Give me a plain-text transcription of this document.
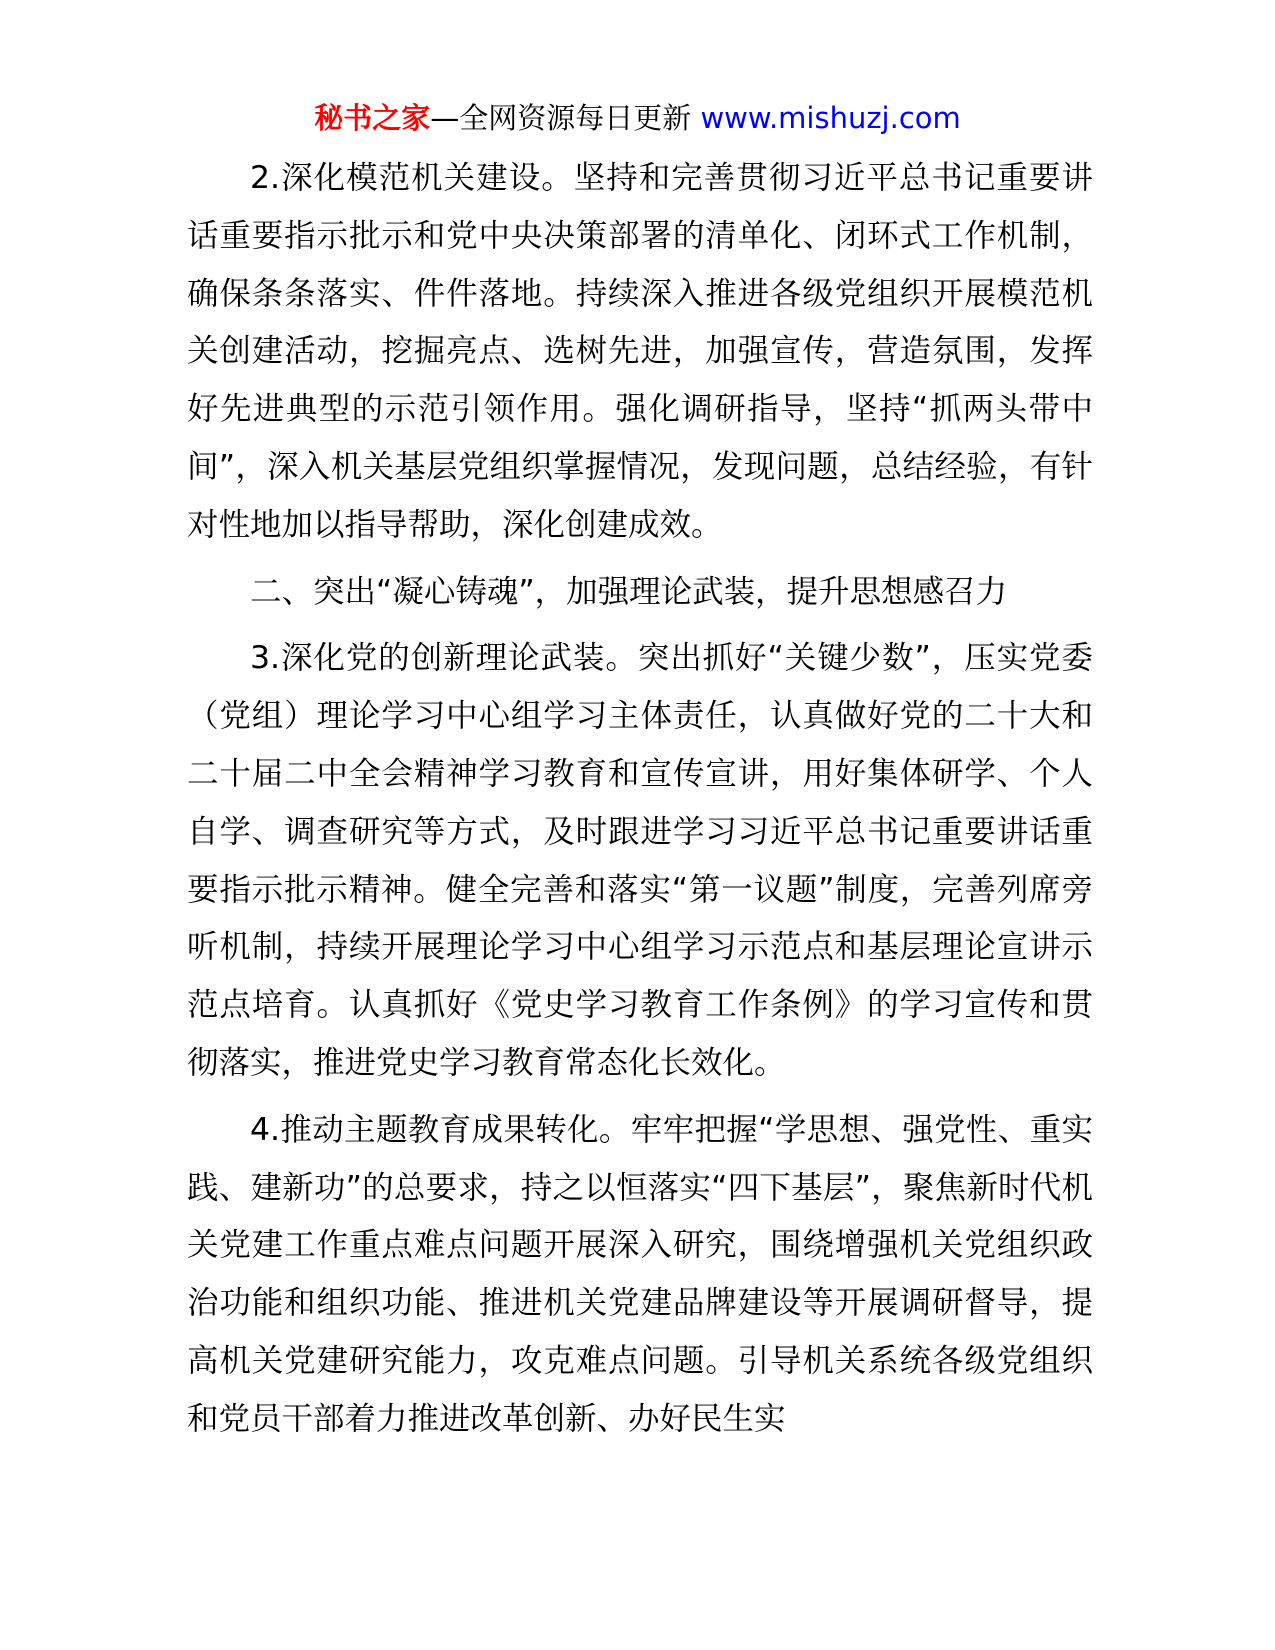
秘书之家—全网资源每日更新 www.mishuzj.com

2.深化模范机关建设。坚持和完善贯彻习近平总书记重要讲话重要指示批示和党中央决策部署的清单化、闭环式工作机制，确保条条落实、件件落地。持续深入推进各级党组织开展模范机关创建活动，挖掘亮点、选树先进，加强宣传，营造氛围，发挥好先进典型的示范引领作用。强化调研指导，坚持“抓两头带中间”，深入机关基层党组织掌握情况，发现问题，总结经验，有针对性地加以指导帮助，深化创建成效。

二、突出“凝心铸魂”，加强理论武装，提升思想感召力

3.深化党的创新理论武装。突出抓好“关键少数”，压实党委（党组）理论学习中心组学习主体责任，认真做好党的二十大和二十届二中全会精神学习教育和宣传宣讲，用好集体研学、个人自学、调查研究等方式，及时跟进学习习近平总书记重要讲话重要指示批示精神。健全完善和落实“第一议题”制度，完善列席旁听机制，持续开展理论学习中心组学习示范点和基层理论宣讲示范点培育。认真抓好《党史学习教育工作条例》的学习宣传和贯彻落实，推进党史学习教育常态化长效化。

4.推动主题教育成果转化。牢牢把握“学思想、强党性、重实践、建新功”的总要求，持之以恒落实“四下基层”，聚焦新时代机关党建工作重点难点问题开展深入研究，围绕增强机关党组织政治功能和组织功能、推进机关党建品牌建设等开展调研督导，提高机关党建研究能力，攻克难点问题。引导机关系统各级党组织和党员干部着力推进改革创新、办好民生实
